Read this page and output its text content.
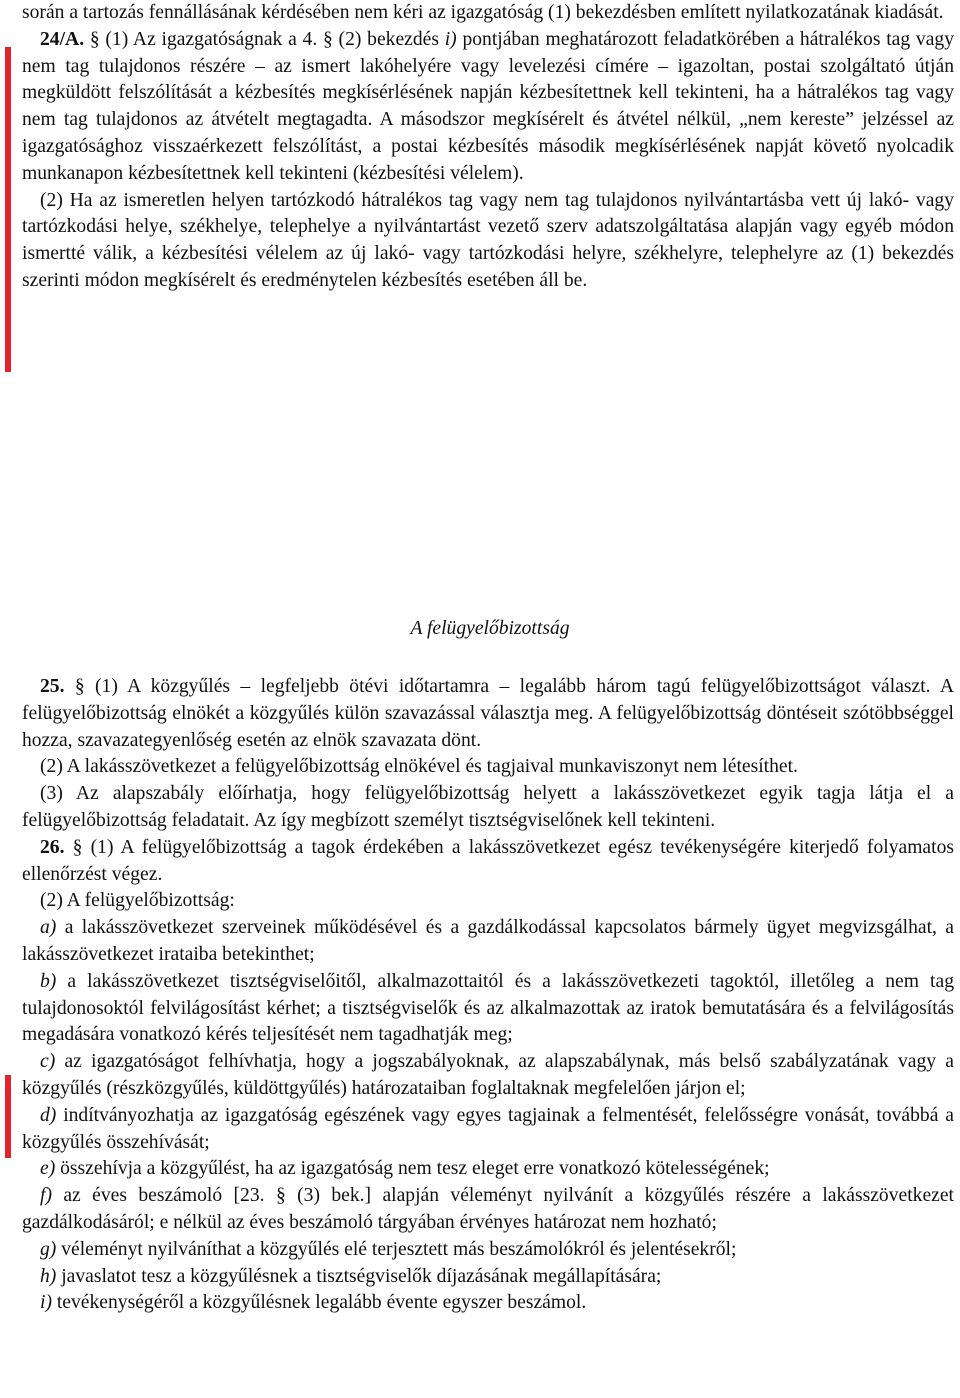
során a tartozás fennállásának kérdésében nem kéri az igazgatóság (1) bekezdésben említett nyilatkozatának kiadását.

24/A. § (1) Az igazgatóságnak a 4. § (2) bekezdés i) pontjában meghatározott feladatkörében a hátralékos tag vagy nem tag tulajdonos részére – az ismert lakóhelyére vagy levelezési címére – igazoltan, postai szolgáltató útján megküldött felszólítását a kézbesítés megkísérlésének napján kézbesítettnek kell tekinteni, ha a hátralékos tag vagy nem tag tulajdonos az átvételt megtagadta. A másodszor megkísérelt és átvétel nélkül, „nem kereste” jelzéssel az igazgatósághoz visszaérkezett felszólítást, a postai kézbesítés második megkísérlésének napját követő nyolcadik munkanapon kézbesítettnek kell tekinteni (kézbesítési vélelem).

(2) Ha az ismeretlen helyen tartózkodó hátralékos tag vagy nem tag tulajdonos nyilvántartásba vett új lakó- vagy tartózkodási helye, székhelye, telephelye a nyilvántartást vezető szerv adatszolgáltatása alapján vagy egyéb módon ismertté válik, a kézbesítési vélelem az új lakó- vagy tartózkodási helyre, székhelyre, telephelyre az (1) bekezdés szerinti módon megkísérelt és eredménytelen kézbesítés esetében áll be.

A felügyelőbizottság

25. § (1) A közgyűlés – legfeljebb ötévi időtartamra – legalább három tagú felügyelőbizottságot választ. A felügyelőbizottság elnökét a közgyűlés külön szavazással választja meg. A felügyelőbizottság döntéseit szótöbbséggel hozza, szavazategyenlőség esetén az elnök szavazata dönt.

(2) A lakásszövetkezet a felügyelőbizottság elnökével és tagjaival munkaviszonyt nem létesíthet.

(3) Az alapszabály előírhatja, hogy felügyelőbizottság helyett a lakásszövetkezet egyik tagja látja el a felügyelőbizottság feladatait. Az így megbízott személyt tisztségviselőnek kell tekinteni.

26. § (1) A felügyelőbizottság a tagok érdekében a lakásszövetkezet egész tevékenységére kiterjedő folyamatos ellenőrzést végez.

(2) A felügyelőbizottság:

a) a lakásszövetkezet szerveinek működésével és a gazdálkodással kapcsolatos bármely ügyet megvizsgálhat, a lakásszövetkezet irataiba betekinthet;

b) a lakásszövetkezet tisztségviselőitől, alkalmazottaitól és a lakásszövetkezeti tagoktól, illetőleg a nem tag tulajdonosoktól felvilágosítást kérhet; a tisztségviselők és az alkalmazottak az iratok bemutatására és a felvilágosítás megadására vonatkozó kérés teljesítését nem tagadhatják meg;

c) az igazgatóságot felhívhatja, hogy a jogszabályoknak, az alapszabálynak, más belső szabályzatának vagy a közgyűlés (részközgyűlés, küldöttgyűlés) határozataiban foglaltaknak megfelelően járjon el;

d) indítványozhatja az igazgatóság egészének vagy egyes tagjainak a felmentését, felelősségre vonását, továbbá a közgyűlés összehívását;

e) összehívja a közgyűlést, ha az igazgatóság nem tesz eleget erre vonatkozó kötelességének;

f) az éves beszámoló [23. § (3) bek.] alapján véleményt nyilvánít a közgyűlés részére a lakásszövetkezet gazdálkodásáról; e nélkül az éves beszámoló tárgyában érvényes határozat nem hozható;

g) véleményt nyilváníthat a közgyűlés elé terjesztett más beszámolókról és jelentésekről;

h) javaslatot tesz a közgyűlésnek a tisztségviselők díjazásának megállapítására;

i) tevékenységéről a közgyűlésnek legalább évente egyszer beszámol.
